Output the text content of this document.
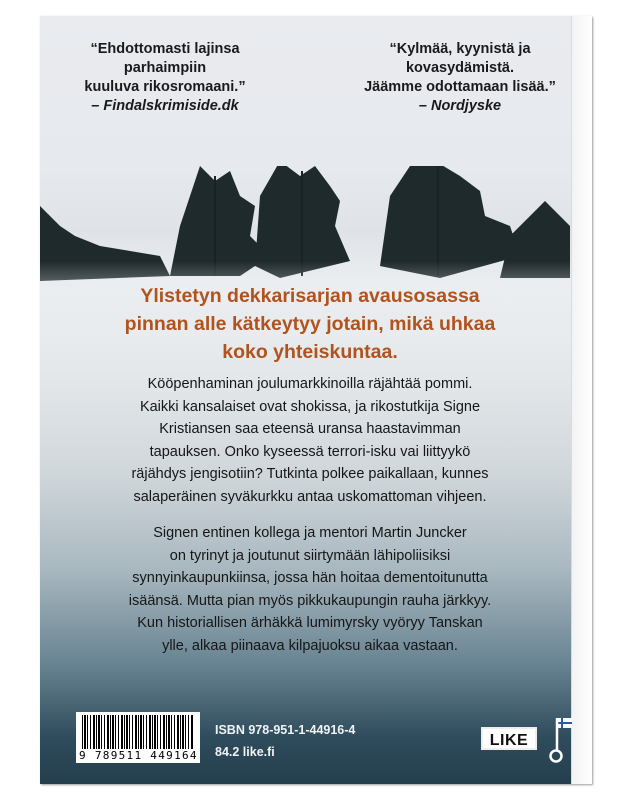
“Ehdottomasti lajinsa parhaimpiin
kuuluva rikosromaani.”
– Findalskrimiside.dk
“Kylmää, kyynistä ja kovasydämistä.
Jäämme odottamaan lisää.”
– Nordjyske
Ylistetyn dekkarisarjan avausosassa
pinnan alle kätkeytyy jotain, mikä uhkaa
koko yhteiskuntaa.
Kööpenhaminan joulumarkkinoilla räjähtää pommi.
Kaikki kansalaiset ovat shokissa, ja rikostutkija Signe
Kristiansen saa eteensä uransa haastavimman
tapauksen. Onko kyseessä terrori-isku vai liittyykö
räjähdys jengisotiin? Tutkinta polkee paikallaan, kunnes
salaperäinen syväkurkku antaa uskomattoman vihjeen.
Signen entinen kollega ja mentori Martin Juncker
on tyrinyt ja joutunut siirtymään lähipoliisiksi
synnyinkaupunkiinsa, jossa hän hoitaa dementoitunutta
isäänsä. Mutta pian myös pikkukaupungin rauha järkkyy.
Kun historiallisen ärhäkkä lumimyrsky vyöryy Tanskan
ylle, alkaa piinaava kilpajuoksu aikaa vastaan.
9 789511 449164
ISBN 978-951-1-44916-4
84.2 like.fi
LIKE
